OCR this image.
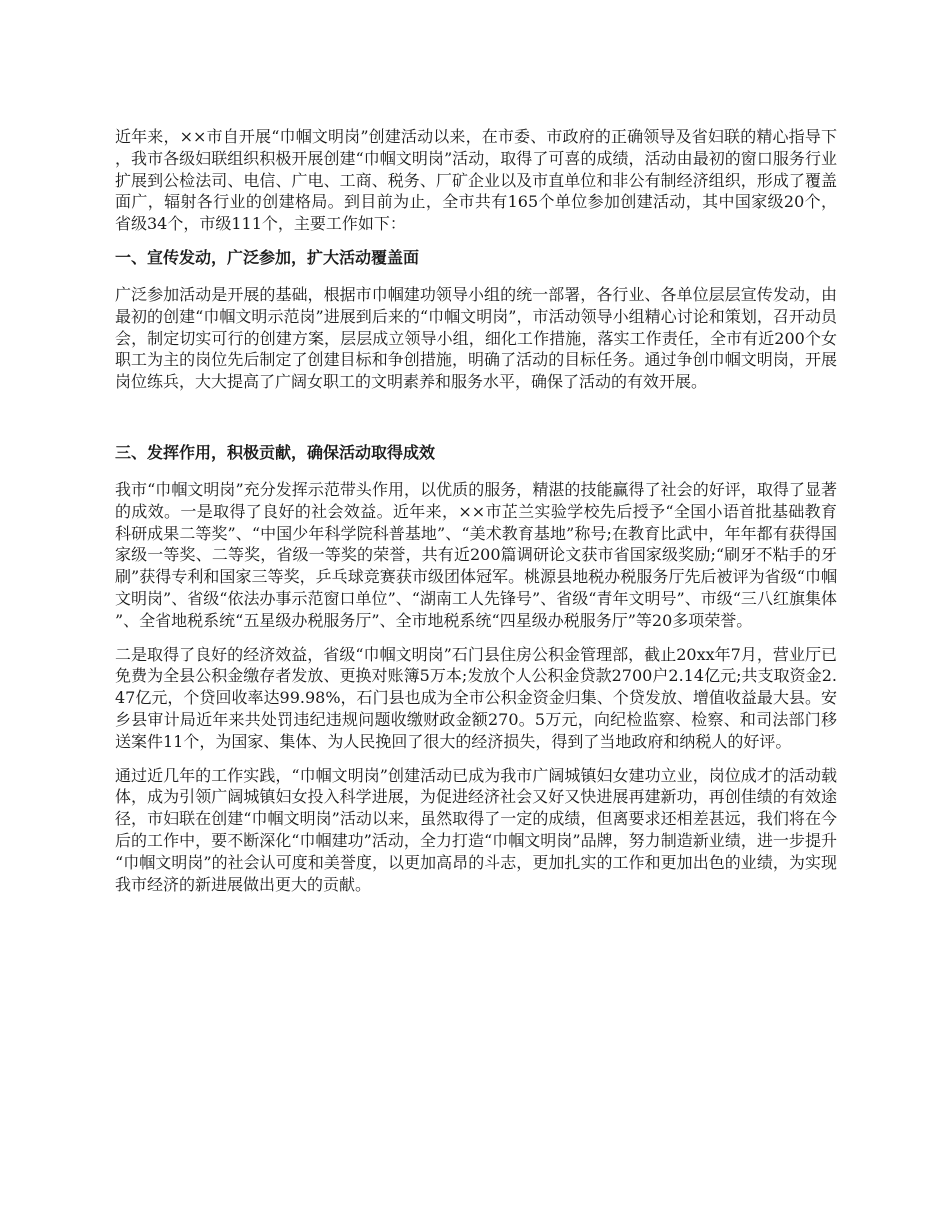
近年来，××市自开展“巾帼文明岗”创建活动以来，在市委、市政府的正确领导及省妇联的精心指导下，我市各级妇联组织积极开展创建“巾帼文明岗”活动，取得了可喜的成绩，活动由最初的窗口服务行业扩展到公检法司、电信、广电、工商、税务、厂矿企业以及市直单位和非公有制经济组织，形成了覆盖面广，辐射各行业的创建格局。到目前为止，全市共有165个单位参加创建活动，其中国家级20个，省级34个，市级111个，主要工作如下：

一、宣传发动，广泛参加，扩大活动覆盖面

广泛参加活动是开展的基础，根据市巾帼建功领导小组的统一部署，各行业、各单位层层宣传发动，由最初的创建“巾帼文明示范岗”进展到后来的“巾帼文明岗”，市活动领导小组精心讨论和策划，召开动员会，制定切实可行的创建方案，层层成立领导小组，细化工作措施，落实工作责任，全市有近200个女职工为主的岗位先后制定了创建目标和争创措施，明确了活动的目标任务。通过争创巾帼文明岗，开展岗位练兵，大大提高了广阔女职工的文明素养和服务水平，确保了活动的有效开展。

三、发挥作用，积极贡献，确保活动取得成效

我市“巾帼文明岗”充分发挥示范带头作用，以优质的服务，精湛的技能赢得了社会的好评，取得了显著的成效。一是取得了良好的社会效益。近年来，××市芷兰实验学校先后授予“全国小语首批基础教育科研成果二等奖”、“中国少年科学院科普基地”、“美术教育基地”称号;在教育比武中，年年都有获得国家级一等奖、二等奖，省级一等奖的荣誉，共有近200篇调研论文获市省国家级奖励;“刷牙不粘手的牙刷”获得专利和国家三等奖，乒乓球竞赛获市级团体冠军。桃源县地税办税服务厅先后被评为省级“巾帼文明岗”、省级“依法办事示范窗口单位”、“湖南工人先锋号”、省级“青年文明号”、市级“三八红旗集体”、全省地税系统“五星级办税服务厅”、全市地税系统“四星级办税服务厅”等20多项荣誉。

二是取得了良好的经济效益，省级“巾帼文明岗”石门县住房公积金管理部，截止20xx年7月，营业厅已免费为全县公积金缴存者发放、更换对账簿5万本;发放个人公积金贷款2700户2.14亿元;共支取资金2.47亿元，个贷回收率达99.98%，石门县也成为全市公积金资金归集、个贷发放、增值收益最大县。安乡县审计局近年来共处罚违纪违规问题收缴财政金额270。5万元，向纪检监察、检察、和司法部门移送案件11个，为国家、集体、为人民挽回了很大的经济损失，得到了当地政府和纳税人的好评。

通过近几年的工作实践，“巾帼文明岗”创建活动已成为我市广阔城镇妇女建功立业，岗位成才的活动载体，成为引领广阔城镇妇女投入科学进展，为促进经济社会又好又快进展再建新功，再创佳绩的有效途径，市妇联在创建“巾帼文明岗”活动以来，虽然取得了一定的成绩，但离要求还相差甚远，我们将在今后的工作中，要不断深化“巾帼建功”活动，全力打造“巾帼文明岗”品牌，努力制造新业绩，进一步提升“巾帼文明岗”的社会认可度和美誉度，以更加高昂的斗志，更加扎实的工作和更加出色的业绩，为实现我市经济的新进展做出更大的贡献。
